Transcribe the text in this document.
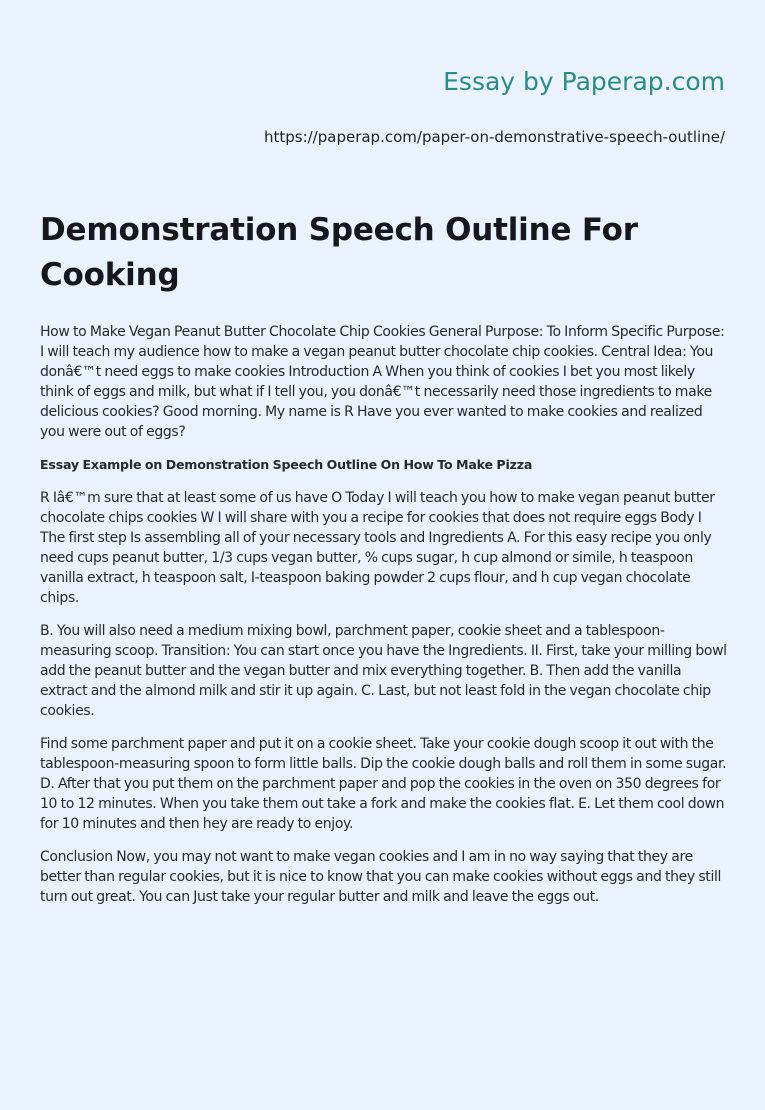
Essay by Paperap.com
https://paperap.com/paper-on-demonstrative-speech-outline/
Demonstration Speech Outline For Cooking

How to Make Vegan Peanut Butter Chocolate Chip Cookies General Purpose: To Inform Specific Purpose: I will teach my audience how to make a vegan peanut butter chocolate chip cookies. Central Idea: You donâ€™t need eggs to make cookies Introduction A When you think of cookies I bet you most likely think of eggs and milk, but what if I tell you, you donâ€™t necessarily need those ingredients to make delicious cookies? Good morning. My name is R Have you ever wanted to make cookies and realized you were out of eggs?

Essay Example on Demonstration Speech Outline On How To Make Pizza

R Iâ€™m sure that at least some of us have O Today I will teach you how to make vegan peanut butter chocolate chips cookies W I will share with you a recipe for cookies that does not require eggs Body I The first step Is assembling all of your necessary tools and Ingredients A. For this easy recipe you only need cups peanut butter, 1/3 cups vegan butter, % cups sugar, h cup almond or simile, h teaspoon vanilla extract, h teaspoon salt, I-teaspoon baking powder 2 cups flour, and h cup vegan chocolate chips.

B. You will also need a medium mixing bowl, parchment paper, cookie sheet and a tablespoon-measuring scoop. Transition: You can start once you have the Ingredients. II. First, take your milling bowl add the peanut butter and the vegan butter and mix everything together. B. Then add the vanilla extract and the almond milk and stir it up again. C. Last, but not least fold in the vegan chocolate chip cookies.

Find some parchment paper and put it on a cookie sheet. Take your cookie dough scoop it out with the tablespoon-measuring spoon to form little balls. Dip the cookie dough balls and roll them in some sugar. D. After that you put them on the parchment paper and pop the cookies in the oven on 350 degrees for 10 to 12 minutes. When you take them out take a fork and make the cookies flat. E. Let them cool down for 10 minutes and then hey are ready to enjoy.

Conclusion Now, you may not want to make vegan cookies and I am in no way saying that they are better than regular cookies, but it is nice to know that you can make cookies without eggs and they still turn out great. You can Just take your regular butter and milk and leave the eggs out.
